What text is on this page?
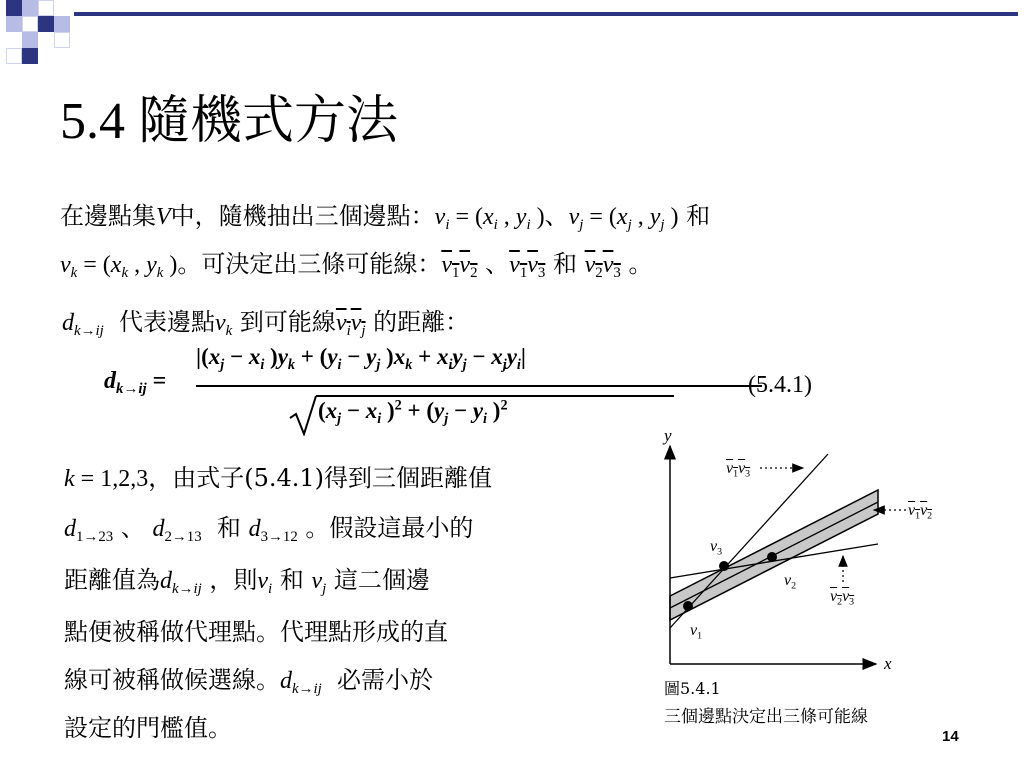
5.4 隨機式方法
在邊點集V中，隨機抽出三個邊點：$v_i = (x_i$ , $y_i$ )、$v_j = (x_j$ , $y_j$ ) 和
$v_k = (x_k$ , $y_k$ )。可決定出三條可能線：$v_1v_2$ 、$v_1v_3$ 和 $v_2v_3$ 。
$d_{k\to ij}$ 代表邊點$v_k$ 到可能線$v_iv_j$ 的距離：
$d_{k\to ij}$ =
$|(x_j - x_i$ )$y_k + (y_i - y_j$ )$x_k + x_iy_j - x_jy_i|$
($x_j - x_i$ )$^2 + (y_j - y_i$ )$^2$
(5.4.1)
k = 1,2,3，由式子(5.4.1)得到三個距離值
$d_{1\to 23}$ 、 $d_{2\to 13}$ 和 $d_{3\to 12}$ 。假設這最小的
距離值為$d_{k\to ij}$ ，則$v_i$ 和 $v_j$ 這二個邊
點便被稱做代理點。代理點形成的直
線可被稱做候選線。$d_{k\to ij}$ 必需小於
設定的門檻值。
y
x
$v_1v_3$
$v_1v_2$
$v_2v_3$
$v_3$
$v_2$
$v_1$
圖5.4.1
三個邊點決定出三條可能線
14
